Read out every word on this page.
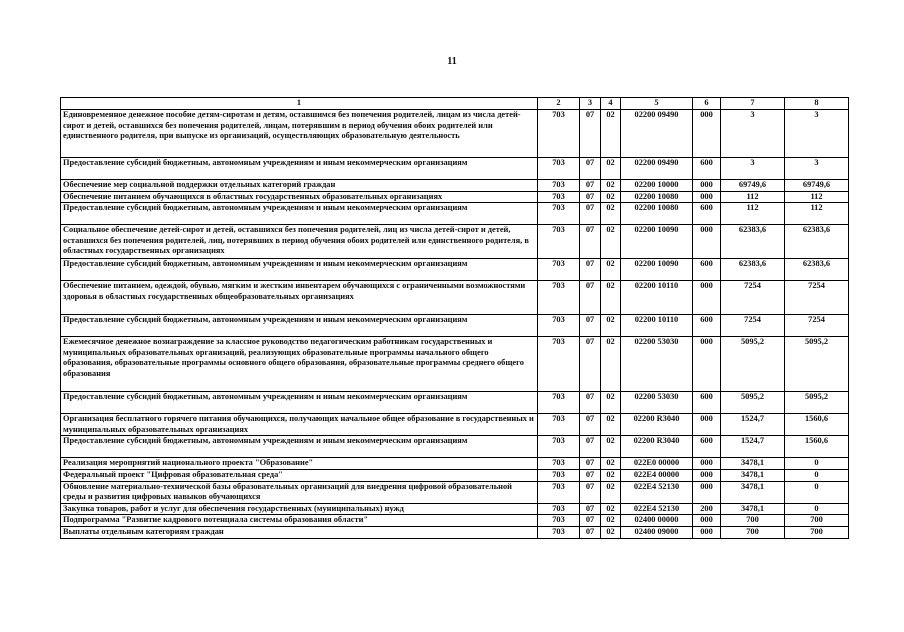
11
1	2	3	4	5	6	7	8
Единовременное денежное пособие детям-сиротам и детям, оставшимся без попечения родителей, лицам из числа детей-сирот и детей, оставшихся без попечения родителей, лицам, потерявшим в период обучения обоих родителей или единственного родителя, при выпуске из организаций, осуществляющих образовательную деятельность	703	07	02	02200 09490	000	3	3
Предоставление субсидий бюджетным, автономным учреждениям и иным некоммерческим организациям	703	07	02	02200 09490	600	3	3
Обеспечение мер социальной поддержки отдельных категорий граждан	703	07	02	02200 10000	000	69749,6	69749,6
Обеспечение питанием обучающихся в областных государственных образовательных организациях	703	07	02	02200 10080	000	112	112
Предоставление субсидий бюджетным, автономным учреждениям и иным некоммерческим организациям	703	07	02	02200 10080	600	112	112
Социальное обеспечение детей-сирот и детей, оставшихся без попечения родителей, лиц из числа детей-сирот и детей, оставшихся без попечения родителей, лиц, потерявших в период обучения обоих родителей или единственного родителя, в областных государственных организациях	703	07	02	02200 10090	000	62383,6	62383,6
Предоставление субсидий бюджетным, автономным учреждениям и иным некоммерческим организациям	703	07	02	02200 10090	600	62383,6	62383,6
Обеспечение питанием, одеждой, обувью, мягким и жестким инвентарем обучающихся с ограниченными возможностями здоровья в областных государственных общеобразовательных организациях	703	07	02	02200 10110	000	7254	7254
Предоставление субсидий бюджетным, автономным учреждениям и иным некоммерческим организациям	703	07	02	02200 10110	600	7254	7254
Ежемесячное денежное вознаграждение за классное руководство педагогическим работникам государственных и муниципальных образовательных организаций, реализующих образовательные программы начального общего образования, образовательные программы основного общего образования, образовательные программы среднего общего образования	703	07	02	02200 53030	000	5095,2	5095,2
Предоставление субсидий бюджетным, автономным учреждениям и иным некоммерческим организациям	703	07	02	02200 53030	600	5095,2	5095,2
Организация бесплатного горячего питания обучающихся, получающих начальное общее образование в государственных и муниципальных образовательных организациях	703	07	02	02200 R3040	000	1524,7	1560,6
Предоставление субсидий бюджетным, автономным учреждениям и иным некоммерческим организациям	703	07	02	02200 R3040	600	1524,7	1560,6
Реализация мероприятий национального проекта "Образование"	703	07	02	022E0 00000	000	3478,1	0
Федеральный проект "Цифровая образовательная среда"	703	07	02	022E4 00000	000	3478,1	0
Обновление материально-технической базы образовательных организаций для внедрения цифровой образовательной среды и развития цифровых навыков обучающихся	703	07	02	022E4 52130	000	3478,1	0
Закупка товаров, работ и услуг для обеспечения государственных (муниципальных) нужд	703	07	02	022E4 52130	200	3478,1	0
Подпрограмма "Развитие кадрового потенциала системы образования области"	703	07	02	02400 00000	000	700	700
Выплаты отдельным категориям граждан	703	07	02	02400 09000	000	700	700
